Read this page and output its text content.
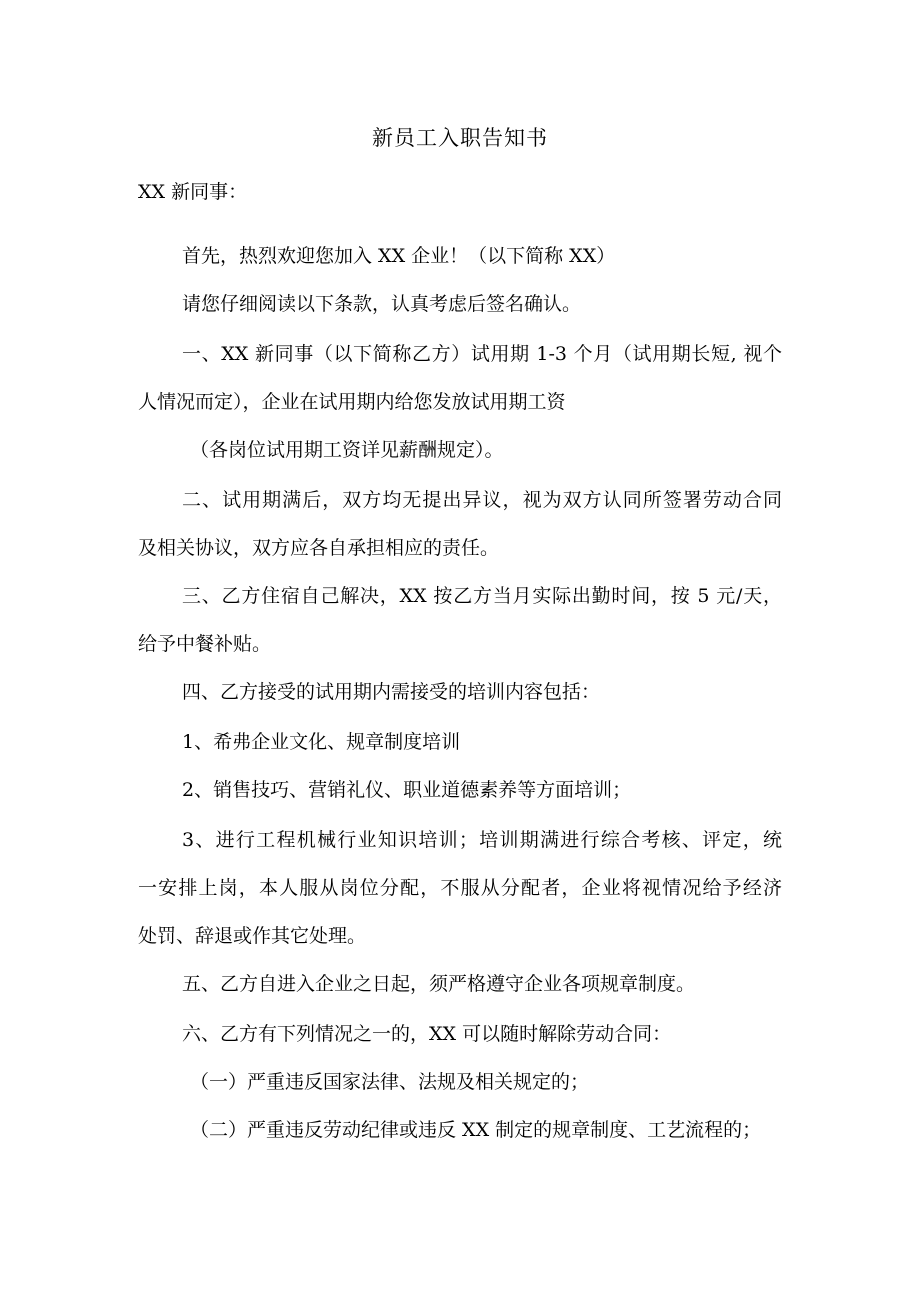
新员工入职告知书
XX 新同事：
首先，热烈欢迎您加入 XX 企业！（以下简称 XX）
请您仔细阅读以下条款，认真考虑后签名确认。
一、XX 新同事（以下简称乙方）试用期 1-3 个月（试用期长短, 视个
人情况而定），企业在试用期内给您发放试用期工资
（各岗位试用期工资详见薪酬规定）。
二、试用期满后，双方均无提出异议，视为双方认同所签署劳动合同
及相关协议，双方应各自承担相应的责任。
三、乙方住宿自己解决，XX 按乙方当月实际出勤时间，按 5 元/天，
给予中餐补贴。
四、乙方接受的试用期内需接受的培训内容包括：
1、希弗企业文化、规章制度培训
2、销售技巧、营销礼仪、职业道德素养等方面培训；
3、进行工程机械行业知识培训；培训期满进行综合考核、评定，统
一安排上岗，本人服从岗位分配，不服从分配者，企业将视情况给予经济
处罚、辞退或作其它处理。
五、乙方自进入企业之日起，须严格遵守企业各项规章制度。
六、乙方有下列情况之一的，XX 可以随时解除劳动合同：
（一）严重违反国家法律、法规及相关规定的；
（二）严重违反劳动纪律或违反 XX 制定的规章制度、工艺流程的；
